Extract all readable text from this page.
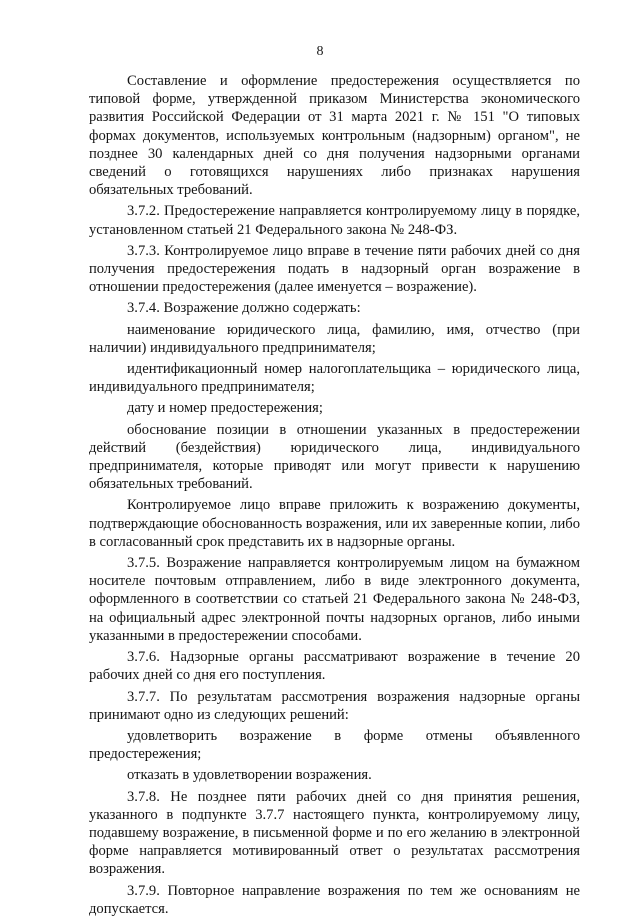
8

Составление и оформление предостережения осуществляется по типовой форме, утвержденной приказом Министерства экономического развития Российской Федерации от 31 марта 2021 г. № 151 "О типовых формах документов, используемых контрольным (надзорным) органом", не позднее 30 календарных дней со дня получения надзорными органами сведений о готовящихся нарушениях либо признаках нарушения обязательных требований.

3.7.2. Предостережение направляется контролируемому лицу в порядке, установленном статьей 21 Федерального закона № 248-ФЗ.

3.7.3. Контролируемое лицо вправе в течение пяти рабочих дней со дня получения предостережения подать в надзорный орган возражение в отношении предостережения (далее именуется – возражение).

3.7.4. Возражение должно содержать:

наименование юридического лица, фамилию, имя, отчество (при наличии) индивидуального предпринимателя;

идентификационный номер налогоплательщика – юридического лица, индивидуального предпринимателя;

дату и номер предостережения;

обоснование позиции в отношении указанных в предостережении действий (бездействия) юридического лица, индивидуального предпринимателя, которые приводят или могут привести к нарушению обязательных требований.

Контролируемое лицо вправе приложить к возражению документы, подтверждающие обоснованность возражения, или их заверенные копии, либо в согласованный срок представить их в надзорные органы.

3.7.5. Возражение направляется контролируемым лицом на бумажном носителе почтовым отправлением, либо в виде электронного документа, оформленного в соответствии со статьей 21 Федерального закона № 248-ФЗ, на официальный адрес электронной почты надзорных органов, либо иными указанными в предостережении способами.

3.7.6. Надзорные органы рассматривают возражение в течение 20 рабочих дней со дня его поступления.

3.7.7. По результатам рассмотрения возражения надзорные органы принимают одно из следующих решений:

удовлетворить возражение в форме отмены объявленного предостережения;

отказать в удовлетворении возражения.

3.7.8. Не позднее пяти рабочих дней со дня принятия решения, указанного в подпункте 3.7.7 настоящего пункта, контролируемому лицу, подавшему возражение, в письменной форме и по его желанию в электронной форме направляется мотивированный ответ о результатах рассмотрения возражения.

3.7.9. Повторное направление возражения по тем же основаниям не допускается.
